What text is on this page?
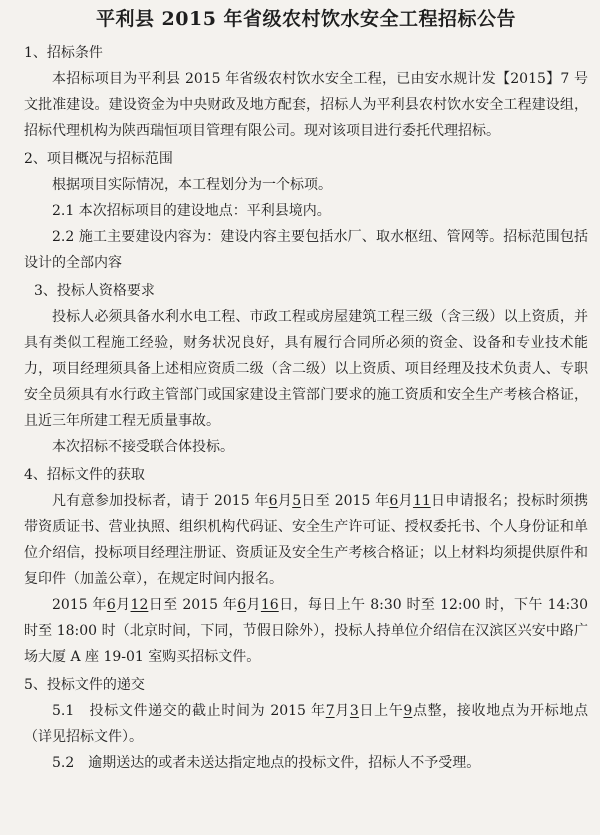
平利县 2015 年省级农村饮水安全工程招标公告

1、招标条件

本招标项目为平利县 2015 年省级农村饮水安全工程，已由安水规计发【2015】7 号文批准建设。建设资金为中央财政及地方配套，招标人为平利县农村饮水安全工程建设组，招标代理机构为陕西瑞恒项目管理有限公司。现对该项目进行委托代理招标。

2、项目概况与招标范围

根据项目实际情况，本工程划分为一个标项。

2.1 本次招标项目的建设地点：平利县境内。

2.2 施工主要建设内容为：建设内容主要包括水厂、取水枢纽、管网等。招标范围包括设计的全部内容

3、投标人资格要求

投标人必须具备水利水电工程、市政工程或房屋建筑工程三级（含三级）以上资质，并具有类似工程施工经验，财务状况良好，具有履行合同所必须的资金、设备和专业技术能力，项目经理须具备上述相应资质二级（含二级）以上资质、项目经理及技术负责人、专职安全员须具有水行政主管部门或国家建设主管部门要求的施工资质和安全生产考核合格证，且近三年所建工程无质量事故。

本次招标不接受联合体投标。

4、招标文件的获取

凡有意参加投标者，请于 2015 年6月5日至 2015 年6月11日申请报名；投标时须携带资质证书、营业执照、组织机构代码证、安全生产许可证、授权委托书、个人身份证和单位介绍信，投标项目经理注册证、资质证及安全生产考核合格证；以上材料均须提供原件和复印件（加盖公章），在规定时间内报名。

2015 年6月12日至 2015 年6月16日，每日上午 8:30 时至 12:00 时，下午 14:30 时至 18:00 时（北京时间，下同，节假日除外），投标人持单位介绍信在汉滨区兴安中路广场大厦 A 座 19-01 室购买招标文件。

5、投标文件的递交

5.1　投标文件递交的截止时间为 2015 年7月3日上午9点整，接收地点为开标地点（详见招标文件）。

5.2　逾期送达的或者未送达指定地点的投标文件，招标人不予受理。
